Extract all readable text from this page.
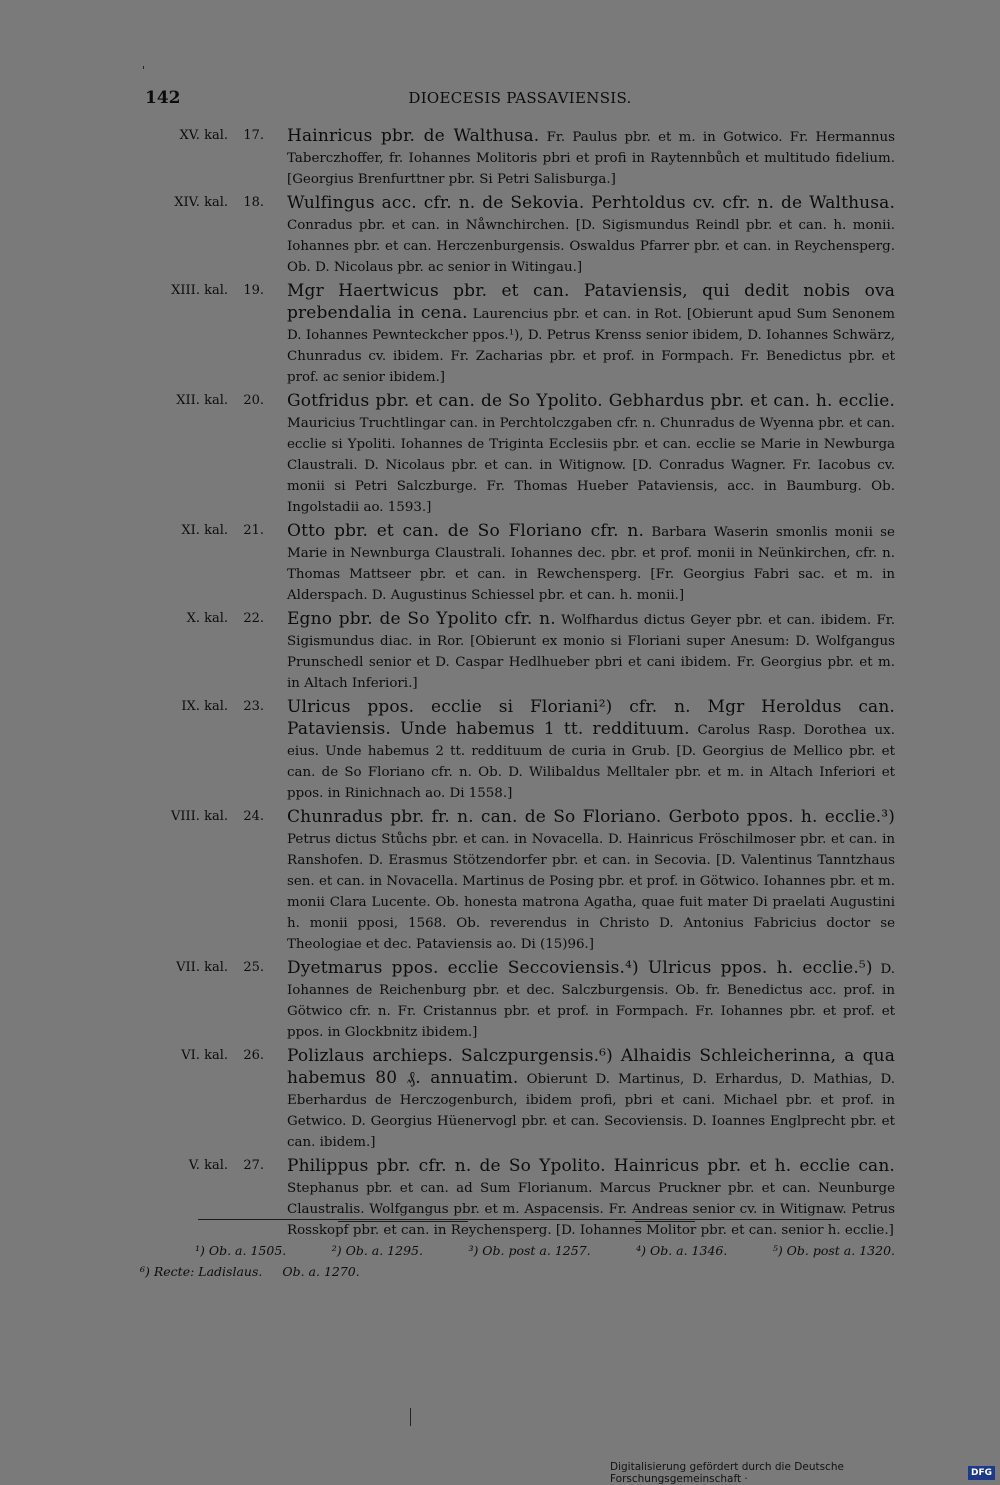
142	DIOECESIS PASSAVIENSIS.
XV. kal.	17. Hainricus pbr. de Walthusa. Fr. Paulus pbr. et m. in Gotwico. Fr. Hermannus Taberczhoffer, fr. Iohannes Molitoris pbri et profi in Raytennbůch et multitudo fidelium. [Georgius Brenfurttner pbr. Si Petri Salisburga.]
XIV. kal.	18. Wulfingus acc. cfr. n. de Sekovia. Perhtoldus cv. cfr. n. de Walthusa. Conradus pbr. et can. in Nåwnchirchen. [D. Sigismundus Reindl pbr. et can. h. monii. Iohannes pbr. et can. Herczenburgensis. Oswaldus Pfarrer pbr. et can. in Reychensperg. Ob. D. Nicolaus pbr. ac senior in Witingau.]
XIII. kal.	19. Mgr Haertwicus pbr. et can. Pataviensis, qui dedit nobis ova prebendalia in cena. Laurencius pbr. et can. in Rot. [Obierunt apud Sum Senonem D. Iohannes Pewnteckcher ppos.¹), D. Petrus Krenss senior ibidem, D. Iohannes Schwärz, Chunradus cv. ibidem. Fr. Zacharias pbr. et prof. in Formpach. Fr. Benedictus pbr. et prof. ac senior ibidem.]
XII. kal.	20. Gotfridus pbr. et can. de So Ypolito. Gebhardus pbr. et can. h. ecclie. Mauricius Truchtlingar can. in Perchtolczgaben cfr. n. Chunradus de Wyenna pbr. et can. ecclie si Ypoliti. Iohannes de Triginta Ecclesiis pbr. et can. ecclie se Marie in Newburga Claustrali. D. Nicolaus pbr. et can. in Witignow. [D. Conradus Wagner. Fr. Iacobus cv. monii si Petri Salczburge. Fr. Thomas Hueber Pataviensis, acc. in Baumburg. Ob. Ingolstadii ao. 1593.]
XI. kal.	21. Otto pbr. et can. de So Floriano cfr. n. Barbara Waserin smonlis monii se Marie in Newnburga Claustrali. Iohannes dec. pbr. et prof. monii in Neünkirchen, cfr. n. Thomas Mattseer pbr. et can. in Rewchensperg. [Fr. Georgius Fabri sac. et m. in Alderspach. D. Augustinus Schiessel pbr. et can. h. monii.]
X. kal.	22. Egno pbr. de So Ypolito cfr. n. Wolfhardus dictus Geyer pbr. et can. ibidem. Fr. Sigismundus diac. in Ror. [Obierunt ex monio si Floriani super Anesum: D. Wolfgangus Prunschedl senior et D. Caspar Hedlhueber pbri et cani ibidem. Fr. Georgius pbr. et m. in Altach Inferiori.]
IX. kal.	23. Ulricus ppos. ecclie si Floriani²) cfr. n. Mgr Heroldus can. Pataviensis. Unde habemus 1 tt. reddituum. Carolus Rasp. Dorothea ux. eius. Unde habemus 2 tt. reddituum de curia in Grub. [D. Georgius de Mellico pbr. et can. de So Floriano cfr. n. Ob. D. Wilibaldus Melltaler pbr. et m. in Altach Inferiori et ppos. in Rinichnach ao. Di 1558.]
VIII. kal.	24. Chunradus pbr. fr. n. can. de So Floriano. Gerboto ppos. h. ecclie.³) Petrus dictus Stůchs pbr. et can. in Novacella. D. Hainricus Fröschilmoser pbr. et can. in Ranshofen. D. Erasmus Stötzendorfer pbr. et can. in Secovia. [D. Valentinus Tanntzhaus sen. et can. in Novacella. Martinus de Posing pbr. et prof. in Götwico. Iohannes pbr. et m. monii Clara Lucente. Ob. honesta matrona Agatha, quae fuit mater Di praelati Augustini h. monii pposi, 1568. Ob. reverendus in Christo D. Antonius Fabricius doctor se Theologiae et dec. Pataviensis ao. Di (15)96.]
VII. kal.	25. Dyetmarus ppos. ecclie Seccoviensis.⁴) Ulricus ppos. h. ecclie.⁵) D. Iohannes de Reichenburg pbr. et dec. Salczburgensis. Ob. fr. Benedictus acc. prof. in Götwico cfr. n. Fr. Cristannus pbr. et prof. in Formpach. Fr. Iohannes pbr. et prof. et ppos. in Glockbnitz ibidem.]
VI. kal.	26. Polizlaus archieps. Salczpurgensis.⁶) Alhaidis Schleicherinna, a qua habemus 80 ₰. annuatim. Obierunt D. Martinus, D. Erhardus, D. Mathias, D. Eberhardus de Herczogenburch, ibidem profi, pbri et cani. Michael pbr. et prof. in Getwico. D. Georgius Hüenervogl pbr. et can. Secoviensis. D. Ioannes Englprecht pbr. et can. ibidem.]
V. kal.	27. Philippus pbr. cfr. n. de So Ypolito. Hainricus pbr. et h. ecclie can. Stephanus pbr. et can. ad Sum Florianum. Marcus Pruckner pbr. et can. Neunburge Claustralis. Wolfgangus pbr. et m. Aspacensis. Fr. Andreas senior cv. in Witignaw. Petrus Rosskopf pbr. et can. in Reychensperg. [D. Iohannes Molitor pbr. et can. senior h. ecclie.]
¹) Ob. a. 1505.	²) Ob. a. 1295.	³) Ob. post a. 1257.	⁴) Ob. a. 1346.	⁵) Ob. post a. 1320.
⁶) Recte: Ladislaus. Ob. a. 1270.
Digitalisierung gefördert durch die Deutsche Forschungsgemeinschaft ·	DFG
